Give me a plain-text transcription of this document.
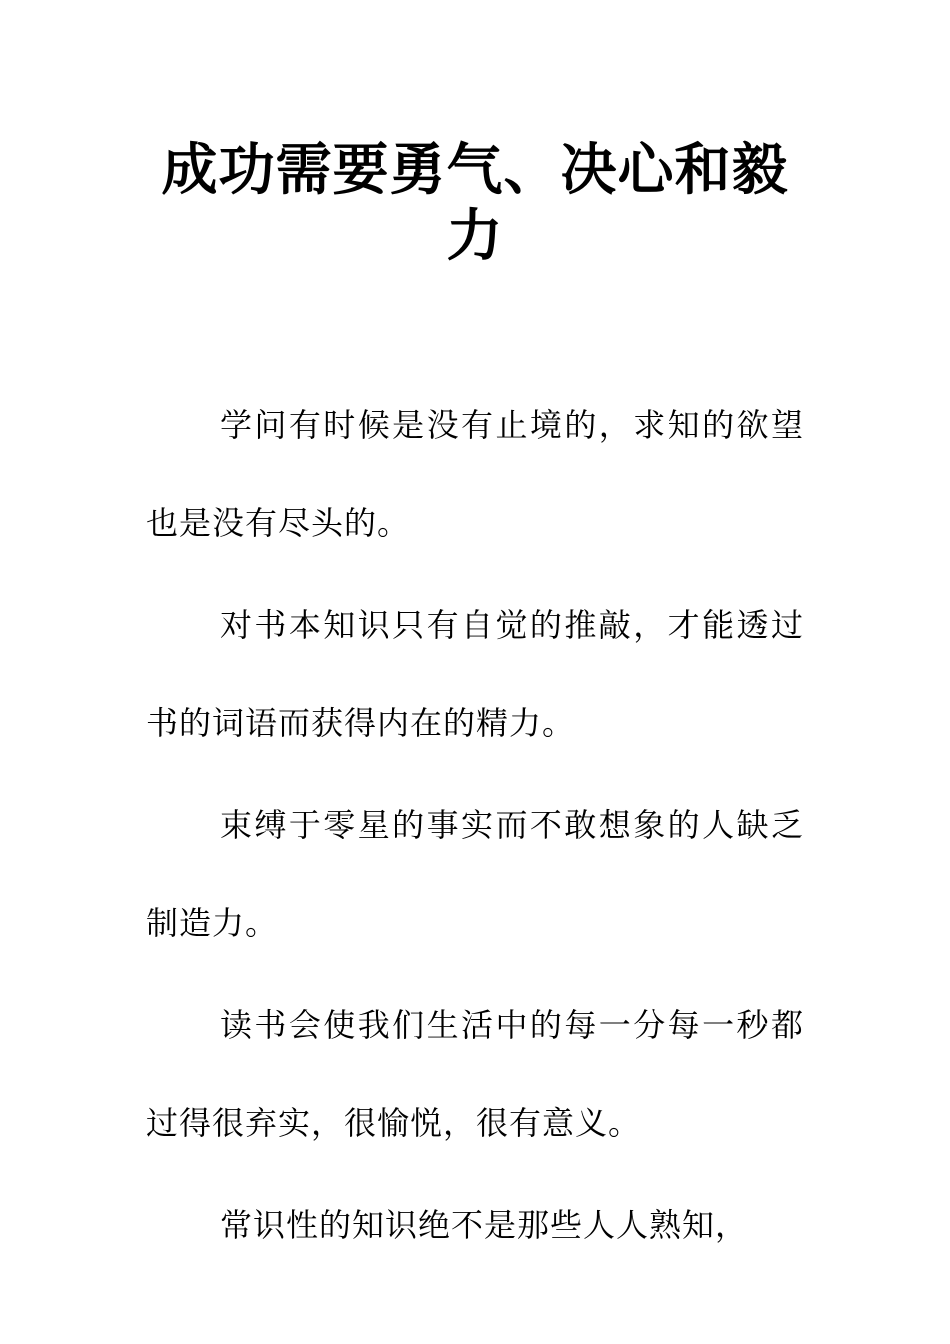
成功需要勇气、决心和毅力

学问有时候是没有止境的，求知的欲望也是没有尽头的。

对书本知识只有自觉的推敲，才能透过书的词语而获得内在的精力。

束缚于零星的事实而不敢想象的人缺乏制造力。

读书会使我们生活中的每一分每一秒都过得很弃实，很愉悦，很有意义。

常识性的知识绝不是那些人人熟知，
